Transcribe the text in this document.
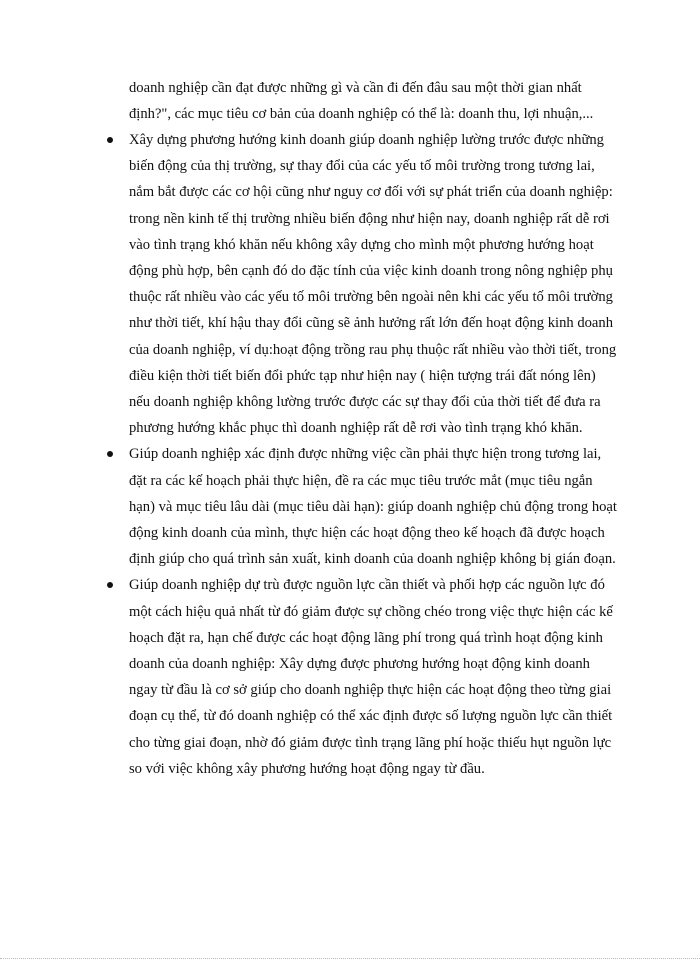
doanh nghiệp cần đạt được những gì và cần đi đến đâu sau một thời gian nhất định?", các mục tiêu cơ bản của doanh nghiệp có thể là: doanh thu, lợi nhuận,...

Xây dựng phương hướng kinh doanh giúp doanh nghiệp lường trước được những biến động của thị trường, sự thay đổi của các yếu tố môi trường trong tương lai, nắm bắt được các cơ hội cũng như nguy cơ đối với sự phát triển của doanh nghiệp: trong nền kinh tế thị trường nhiều biến động như hiện nay, doanh nghiệp rất dễ rơi vào tình trạng khó khăn nếu không xây dựng cho mình một phương hướng hoạt động phù hợp, bên cạnh đó do đặc tính của việc kinh doanh trong nông nghiệp phụ thuộc rất nhiều vào các yếu tố môi trường bên ngoài nên khi các yếu tố môi trường như thời tiết, khí hậu thay đổi cũng sẽ ảnh hưởng rất lớn đến hoạt động kinh doanh của doanh nghiệp, ví dụ:hoạt động trồng rau phụ thuộc rất nhiều vào thời tiết, trong điều kiện thời tiết biến đổi phức tạp như hiện nay ( hiện tượng trái đất nóng lên) nếu doanh nghiệp không lường trước được các sự thay đổi của thời tiết để đưa ra phương hướng khắc phục thì doanh nghiệp rất dễ rơi vào tình trạng khó khăn.
Giúp doanh nghiệp xác định được những việc cần phải thực hiện trong tương lai, đặt ra các kế hoạch phải thực hiện, đề ra các mục tiêu trước mắt (mục tiêu ngắn hạn) và mục tiêu lâu dài (mục tiêu dài hạn): giúp doanh nghiệp chủ động trong hoạt động kinh doanh của mình, thực hiện các hoạt động theo kế hoạch đã được hoạch định giúp cho quá trình sản xuất, kinh doanh của doanh nghiệp không bị gián đoạn.
Giúp doanh nghiệp dự trù được nguồn lực cần thiết và phối hợp các nguồn lực đó một cách hiệu quả nhất từ đó giảm được sự chồng chéo trong việc thực hiện các kế hoạch đặt ra, hạn chế được các hoạt động lãng phí trong quá trình hoạt động kinh doanh của doanh nghiệp: Xây dựng được phương hướng hoạt động kinh doanh ngay từ đầu là cơ sở giúp cho doanh nghiệp thực hiện các hoạt động theo từng giai đoạn cụ thể, từ đó doanh nghiệp có thể xác định được số lượng nguồn lực cần thiết cho từng giai đoạn, nhờ đó giảm được tình trạng lãng phí hoặc thiếu hụt nguồn lực so với việc không xây phương hướng hoạt động ngay từ đầu.
